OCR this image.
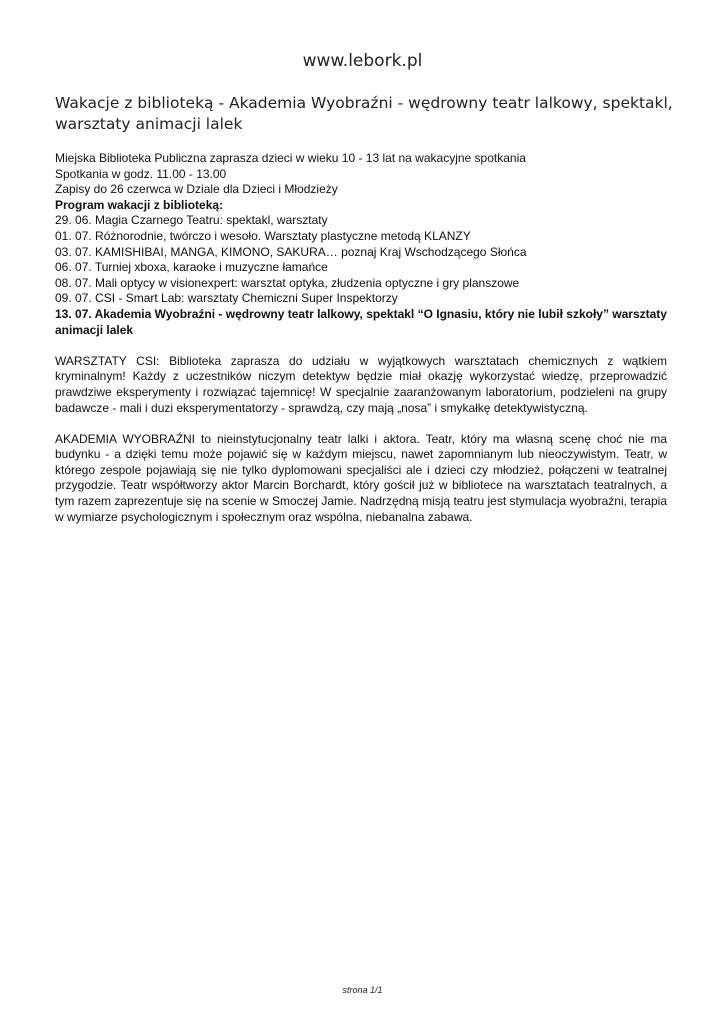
www.lebork.pl
Wakacje z biblioteką - Akademia Wyobraźni - wędrowny teatr lalkowy, spektakl, warsztaty animacji lalek

Miejska Biblioteka Publiczna zaprasza dzieci w wieku 10 - 13 lat na wakacyjne spotkania

Spotkania w godz. 11.00 - 13.00

Zapisy do 26 czerwca w Dziale dla Dzieci i Młodzieży

Program wakacji z biblioteką:
29. 06. Magia Czarnego Teatru: spektakl, warsztaty
01. 07. Różnorodnie, twórczo i wesoło. Warsztaty plastyczne metodą KLANZY
03. 07. KAMISHIBAI, MANGA, KIMONO, SAKURA… poznaj Kraj Wschodzącego Słońca
06. 07. Turniej xboxa, karaoke i muzyczne łamańce
08. 07. Mali optycy w visionexpert: warsztat optyka, złudzenia optyczne i gry planszowe
09. 07. CSI - Smart Lab: warsztaty Chemiczni Super Inspektorzy
13. 07. Akademia Wyobraźni - wędrowny teatr lalkowy, spektakl “O Ignasiu, który nie lubił szkoły” warsztaty animacji lalek

WARSZTATY CSI: Biblioteka zaprasza do udziału w wyjątkowych warsztatach chemicznych z wątkiem kryminalnym! Każdy z uczestników niczym detektyw będzie miał okazję wykorzystać wiedzę, przeprowadzić prawdziwe eksperymenty i rozwiązać tajemnicę! W specjalnie zaaranżowanym laboratorium, podzieleni na grupy badawcze - mali i duzi eksperymentatorzy - sprawdzą, czy mają „nosa” i smykałkę detektywistyczną.

AKADEMIA WYOBRAŹNI to nieinstytucjonalny teatr lalki i aktora. Teatr, który ma własną scenę choć nie ma budynku - a dzięki temu może pojawić się w każdym miejscu, nawet zapomnianym lub nieoczywistym. Teatr, w którego zespole pojawiają się nie tylko dyplomowani specjaliści ale i dzieci czy młodzież, połączeni w teatralnej przygodzie. Teatr współtworzy aktor Marcin Borchardt, który gościł już w bibliotece na warsztatach teatralnych, a tym razem zaprezentuje się na scenie w Smoczej Jamie. Nadrzędną misją teatru jest stymulacja wyobraźni, terapia w wymiarze psychologicznym i społecznym oraz wspólna, niebanalna zabawa.

strona 1/1
